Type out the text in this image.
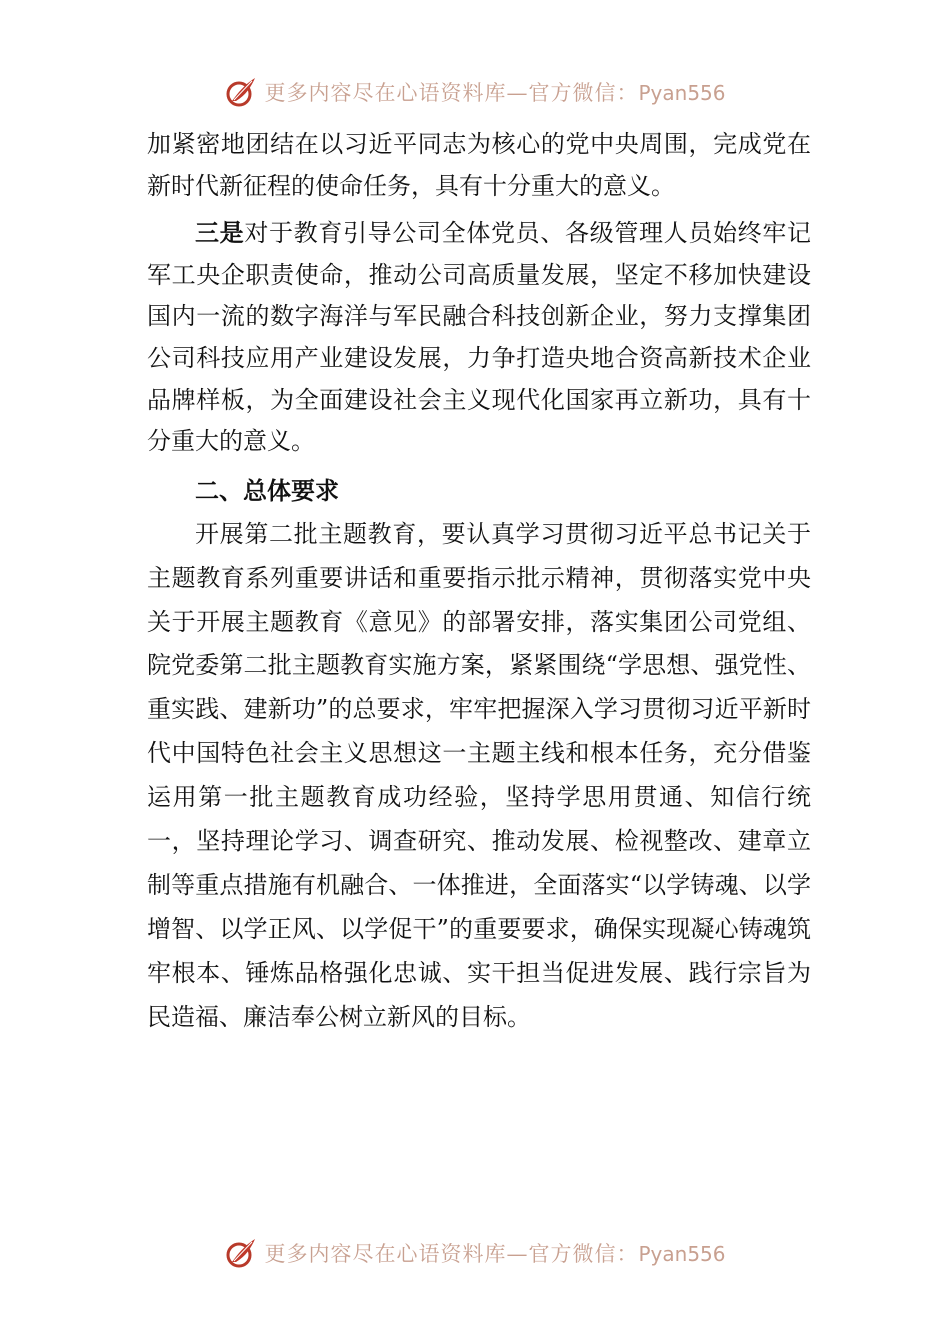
更多内容尽在心语资料库—官方微信：Pyan556

加紧密地团结在以习近平同志为核心的党中央周围，完成党在新时代新征程的使命任务，具有十分重大的意义。

三是对于教育引导公司全体党员、各级管理人员始终牢记军工央企职责使命，推动公司高质量发展，坚定不移加快建设国内一流的数字海洋与军民融合科技创新企业，努力支撑集团公司科技应用产业建设发展，力争打造央地合资高新技术企业品牌样板，为全面建设社会主义现代化国家再立新功，具有十分重大的意义。

二、总体要求

开展第二批主题教育，要认真学习贯彻习近平总书记关于主题教育系列重要讲话和重要指示批示精神，贯彻落实党中央关于开展主题教育《意见》的部署安排，落实集团公司党组、院党委第二批主题教育实施方案，紧紧围绕“学思想、强党性、重实践、建新功”的总要求，牢牢把握深入学习贯彻习近平新时代中国特色社会主义思想这一主题主线和根本任务，充分借鉴运用第一批主题教育成功经验，坚持学思用贯通、知信行统一，坚持理论学习、调查研究、推动发展、检视整改、建章立制等重点措施有机融合、一体推进，全面落实“以学铸魂、以学增智、以学正风、以学促干”的重要要求，确保实现凝心铸魂筑牢根本、锤炼品格强化忠诚、实干担当促进发展、践行宗旨为民造福、廉洁奉公树立新风的目标。

更多内容尽在心语资料库—官方微信：Pyan556
